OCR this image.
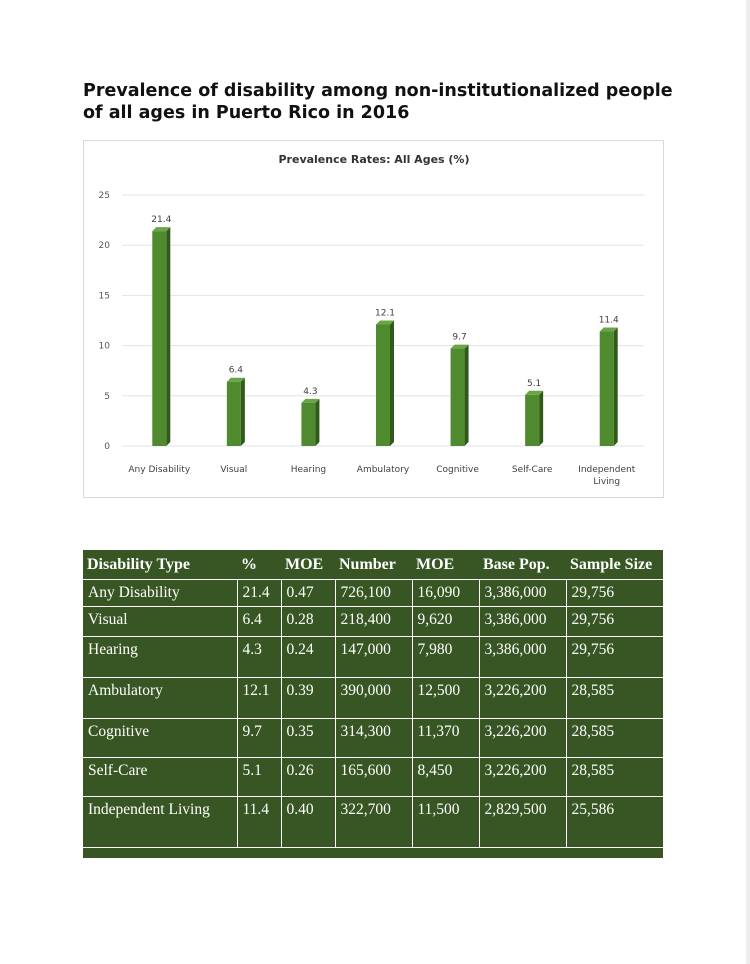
Prevalence of disability among non-institutionalized people of all ages in Puerto Rico in 2016
Prevalence Rates: All Ages (%)
0
5
10
15
20
25
21.4
Any Disability
6.4
Visual
4.3
Hearing
12.1
Ambulatory
9.7
Cognitive
5.1
Self-Care
11.4
Independent Living
Disability Type	%	MOE	Number	MOE	Base Pop.	Sample Size
Any Disability	21.4	0.47	726,100	16,090	3,386,000	29,756
Visual	6.4	0.28	218,400	9,620	3,386,000	29,756
Hearing	4.3	0.24	147,000	7,980	3,386,000	29,756
Ambulatory	12.1	0.39	390,000	12,500	3,226,200	28,585
Cognitive	9.7	0.35	314,300	11,370	3,226,200	28,585
Self-Care	5.1	0.26	165,600	8,450	3,226,200	28,585
Independent Living	11.4	0.40	322,700	11,500	2,829,500	25,586
